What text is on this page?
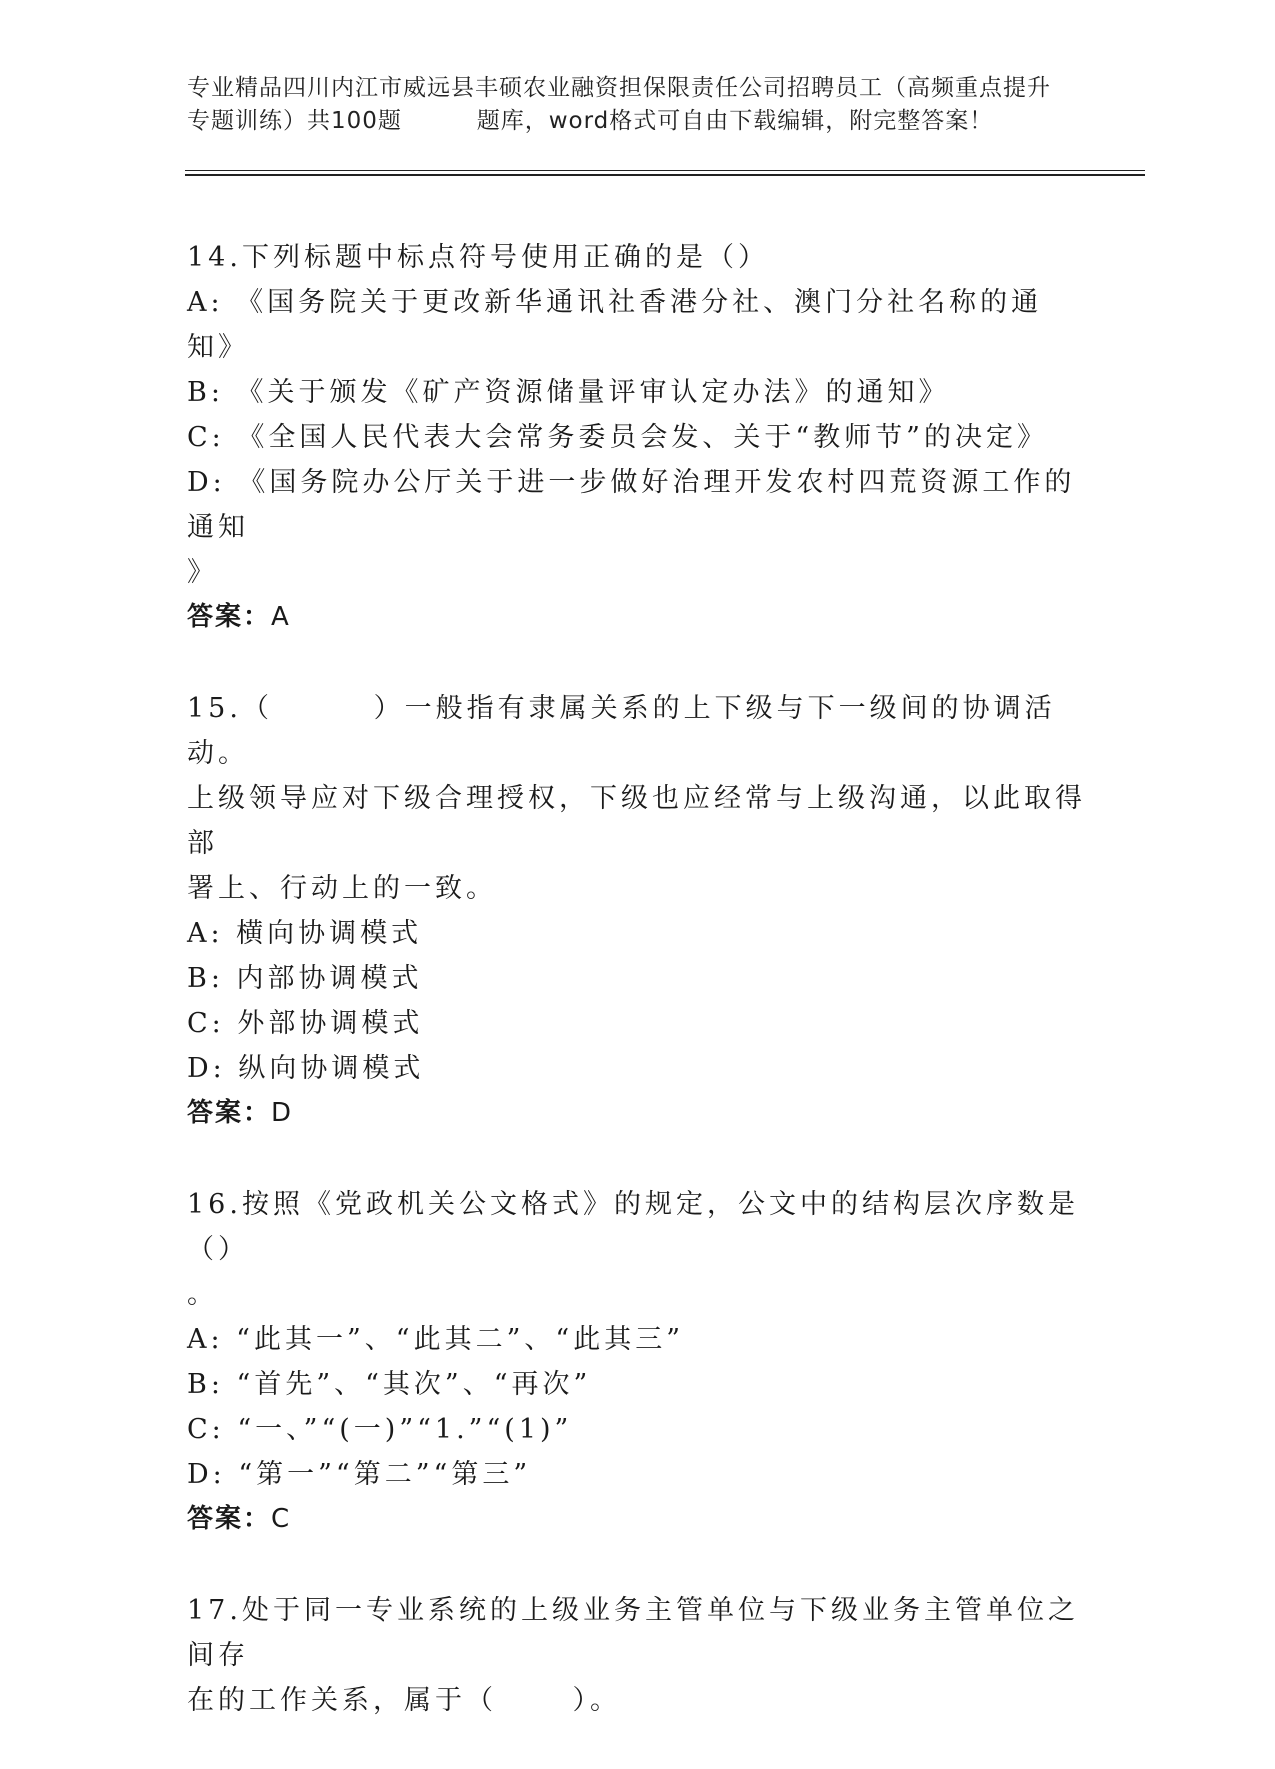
专业精品四川内江市威远县丰硕农业融资担保限责任公司招聘员工（高频重点提升
专题训练）共100题         题库，word格式可自由下载编辑，附完整答案！
14.下列标题中标点符号使用正确的是（）
A: 《国务院关于更改新华通讯社香港分社、澳门分社名称的通知》
B: 《关于颁发《矿产资源储量评审认定办法》的通知》
C: 《全国人民代表大会常务委员会发、关于“教师节”的决定》
D: 《国务院办公厅关于进一步做好治理开发农村四荒资源工作的通知
》
答案：A
15.（        ）一般指有隶属关系的上下级与下一级间的协调活动。
上级领导应对下级合理授权，下级也应经常与上级沟通，以此取得部
署上、行动上的一致。
A: 横向协调模式
B: 内部协调模式
C: 外部协调模式
D: 纵向协调模式
答案：D
16.按照《党政机关公文格式》的规定，公文中的结构层次序数是（）
。
A: “此其一”、“此其二”、“此其三”
B: “首先”、“其次”、“再次”
C: “一、”“(一)”“1.”“(1)”
D: “第一”“第二”“第三”
答案：C
17.处于同一专业系统的上级业务主管单位与下级业务主管单位之间存
在的工作关系，属于（      ）。
